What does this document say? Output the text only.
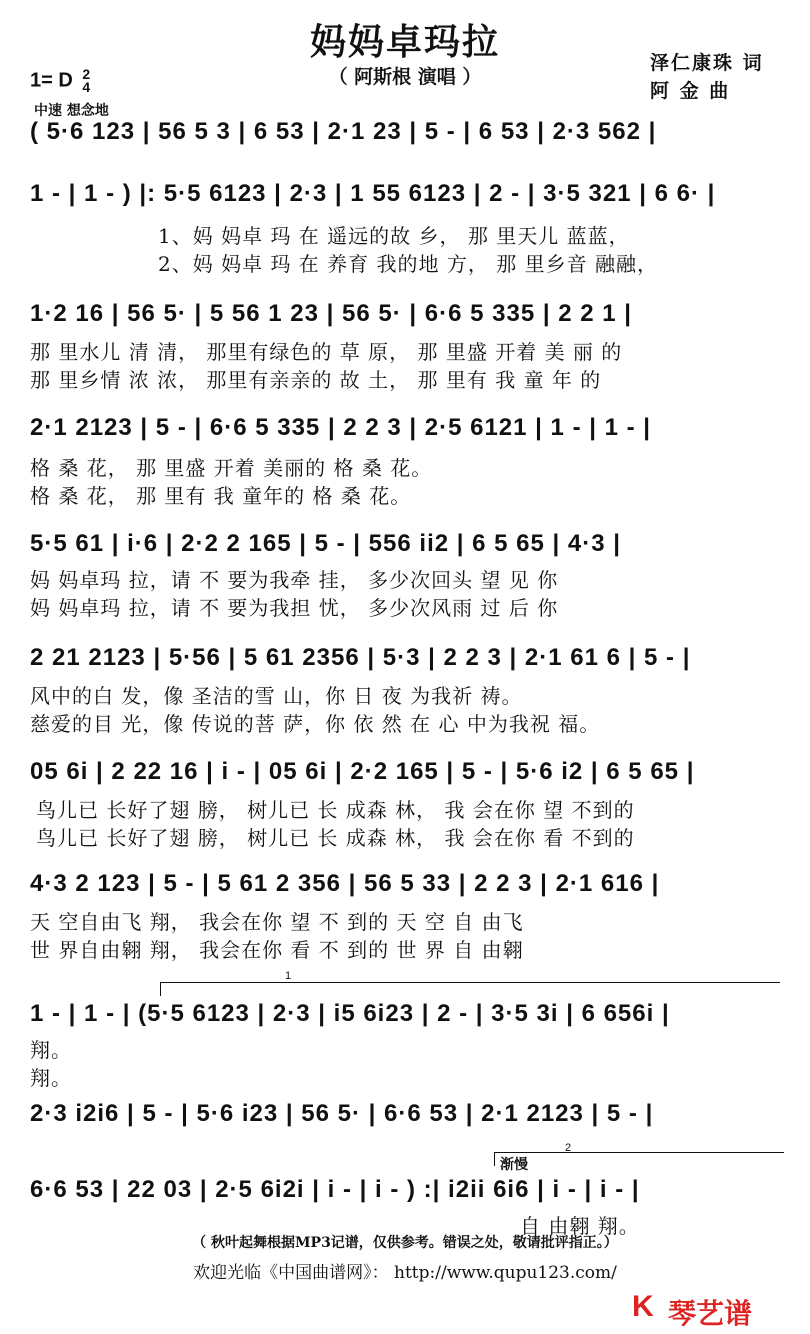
妈妈卓玛拉
（ 阿斯根 演唱 ）
泽仁康珠 词
阿 金 曲
1= D 2
4
中速 想念地
( 5·6 123 | 56 5 3 | 6 53 | 2·1 23 | 5 - | 6 53 | 2·3 562 |
1 - | 1 - ) |: 5·5 6123 | 2·3 | 1 55 6123 | 2 - | 3·5 321 | 6 6· |
1、妈 妈卓 玛 在 遥远的故 乡， 那 里天儿 蓝蓝，
2、妈 妈卓 玛 在 养育 我的地 方， 那 里乡音 融融，
1·2 16 | 56 5· | 5 56 1 23 | 56 5· | 6·6 5 335 | 2 2 1 |
那 里水儿 清 清， 那里有绿色的 草 原， 那 里盛 开着 美 丽 的
那 里乡情 浓 浓， 那里有亲亲的 故 土， 那 里有 我 童 年 的
2·1 2123 | 5 - | 6·6 5 335 | 2 2 3 | 2·5 6121 | 1 - | 1 - |
格 桑 花， 那 里盛 开着 美丽的 格 桑 花。
格 桑 花， 那 里有 我 童年的 格 桑 花。
5·5 61 | i·6 | 2·2 2 165 | 5 - | 556 ii2 | 6 5 65 | 4·3 |
妈 妈卓玛 拉，请 不 要为我牵 挂， 多少次回头 望 见 你
妈 妈卓玛 拉，请 不 要为我担 忧， 多少次风雨 过 后 你
2 21 2123 | 5·56 | 5 61 2356 | 5·3 | 2 2 3 | 2·1 61 6 | 5 - |
风中的白 发，像 圣洁的雪 山，你 日 夜 为我祈 祷。
慈爱的目 光，像 传说的菩 萨，你 依 然 在 心 中为我祝 福。
05 6i | 2 22 16 | i - | 05 6i | 2·2 165 | 5 - | 5·6 i2 | 6 5 65 |
鸟儿已 长好了翅 膀， 树儿已 长 成森 林， 我 会在你 望 不到的
鸟儿已 长好了翅 膀， 树儿已 长 成森 林， 我 会在你 看 不到的
4·3 2 123 | 5 - | 5 61 2 356 | 56 5 33 | 2 2 3 | 2·1 616 |
天 空自由飞 翔， 我会在你 望 不 到的 天 空 自 由飞
世 界自由翱 翔， 我会在你 看 不 到的 世 界 自 由翱
1
1 - | 1 - | (5·5 6123 | 2·3 | i5 6i23 | 2 - | 3·5 3i | 6 656i |
翔。
翔。
2·3 i2i6 | 5 - | 5·6 i23 | 56 5· | 6·6 53 | 2·1 2123 | 5 - |
2
渐慢
6·6 53 | 22 03 | 2·5 6i2i | i - | i - ) :| i2ii 6i6 | i - | i - |
自 由翱 翔。
（ 秋叶起舞根据MP3记谱，仅供参考。错误之处，敬请批评指正。）
欢迎光临《中国曲谱网》： http://www.qupu123.com/
K 琴艺谱
